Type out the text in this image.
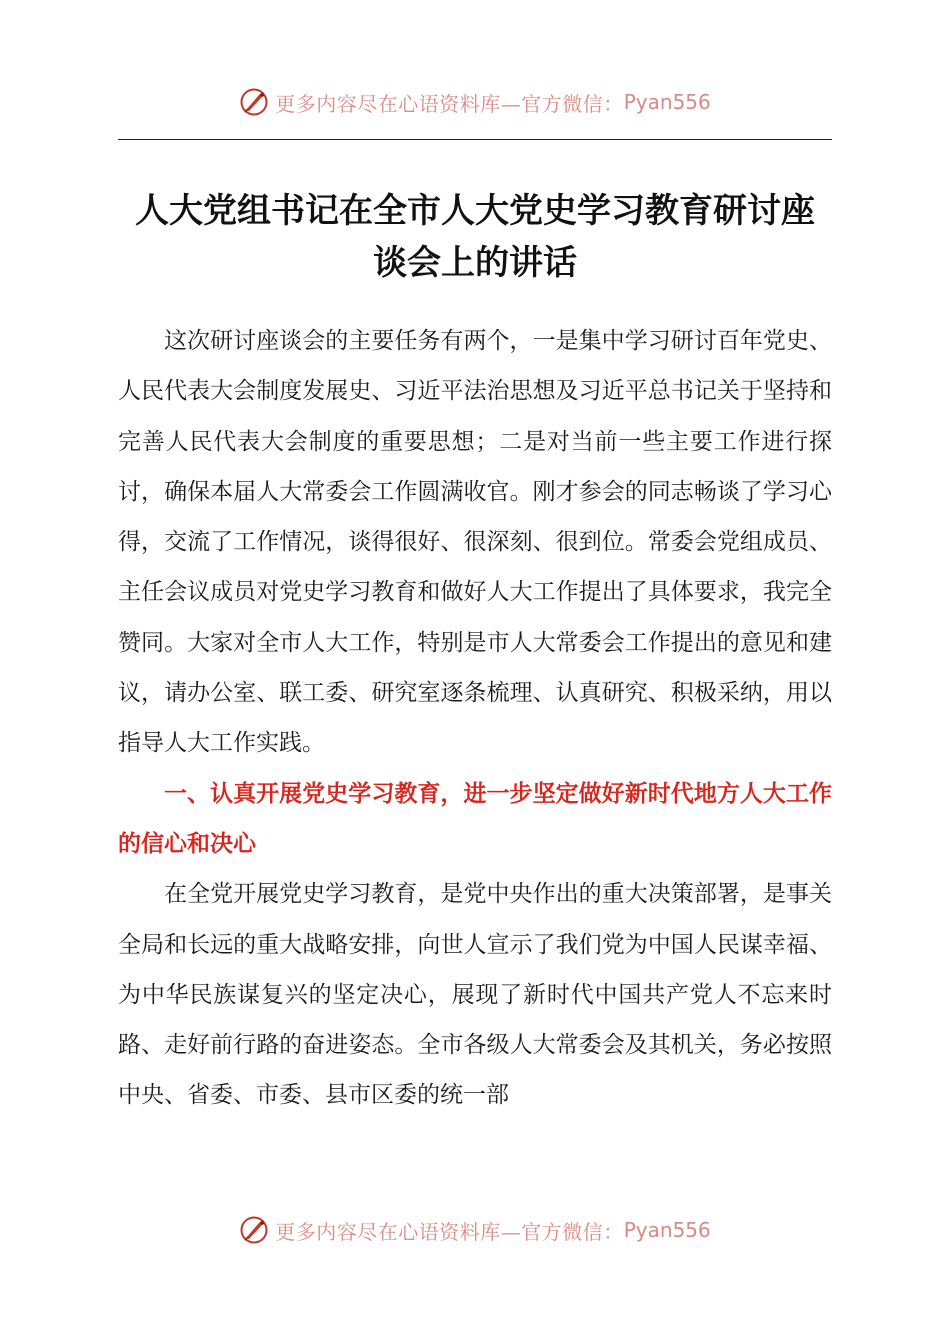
更多内容尽在心语资料库—官方微信： Pyan556
人大党组书记在全市人大党史学习教育研讨座
谈会上的讲话

这次研讨座谈会的主要任务有两个，一是集中学习研讨百年党史、人民代表大会制度发展史、习近平法治思想及习近平总书记关于坚持和完善人民代表大会制度的重要思想；二是对当前一些主要工作进行探讨，确保本届人大常委会工作圆满收官。刚才参会的同志畅谈了学习心得，交流了工作情况，谈得很好、很深刻、很到位。常委会党组成员、主任会议成员对党史学习教育和做好人大工作提出了具体要求，我完全赞同。大家对全市人大工作，特别是市人大常委会工作提出的意见和建议，请办公室、联工委、研究室逐条梳理、认真研究、积极采纳，用以指导人大工作实践。

一、认真开展党史学习教育，进一步坚定做好新时代地方人大工作的信心和决心

在全党开展党史学习教育，是党中央作出的重大决策部署，是事关全局和长远的重大战略安排，向世人宣示了我们党为中国人民谋幸福、为中华民族谋复兴的坚定决心，展现了新时代中国共产党人不忘来时路、走好前行路的奋进姿态。全市各级人大常委会及其机关，务必按照中央、省委、市委、县市区委的统一部

更多内容尽在心语资料库—官方微信： Pyan556
